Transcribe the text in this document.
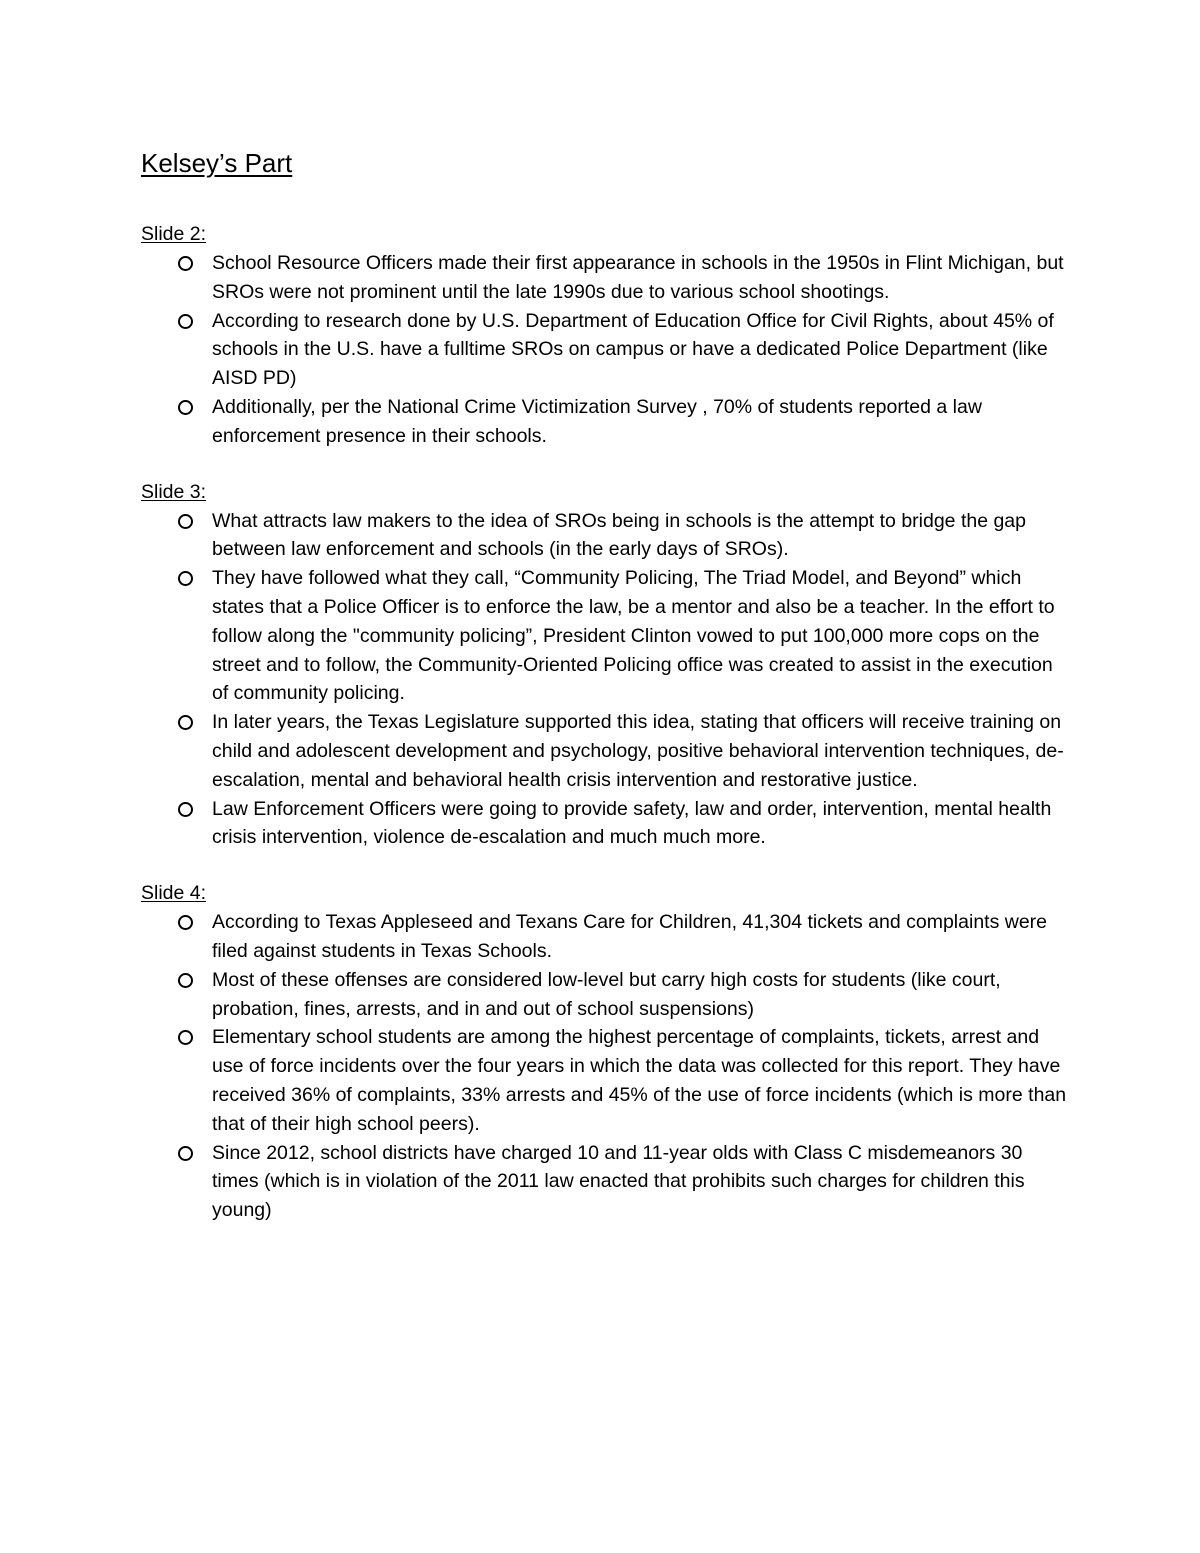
Kelsey’s Part
Slide 2:
School Resource Officers made their first appearance in schools in the 1950s in Flint Michigan, but SROs were not prominent until the late 1990s due to various school shootings.
According to research done by U.S. Department of Education Office for Civil Rights, about 45% of schools in the U.S. have a fulltime SROs on campus or have a dedicated Police Department (like AISD PD)
Additionally, per the National Crime Victimization Survey , 70% of students reported a law enforcement presence in their schools.
Slide 3:
What attracts law makers to the idea of SROs being in schools is the attempt to bridge the gap between law enforcement and schools (in the early days of SROs).
They have followed what they call, “Community Policing, The Triad Model, and Beyond” which states that a Police Officer is to enforce the law, be a mentor and also be a teacher. In the effort to follow along the "community policing”, President Clinton vowed to put 100,000 more cops on the street and to follow, the Community-Oriented Policing office was created to assist in the execution of community policing.
In later years, the Texas Legislature supported this idea, stating that officers will receive training on child and adolescent development and psychology, positive behavioral intervention techniques, de-escalation, mental and behavioral health crisis intervention and restorative justice.
Law Enforcement Officers were going to provide safety, law and order, intervention, mental health crisis intervention, violence de-escalation and much much more.
Slide 4:
According to Texas Appleseed and Texans Care for Children, 41,304 tickets and complaints were filed against students in Texas Schools.
Most of these offenses are considered low-level but carry high costs for students (like court, probation, fines, arrests, and in and out of school suspensions)
Elementary school students are among the highest percentage of complaints, tickets, arrest and use of force incidents over the four years in which the data was collected for this report. They have received 36% of complaints, 33% arrests and 45% of the use of force incidents (which is more than that of their high school peers).
Since 2012, school districts have charged 10 and 11-year olds with Class C misdemeanors 30 times (which is in violation of the 2011 law enacted that prohibits such charges for children this young)
